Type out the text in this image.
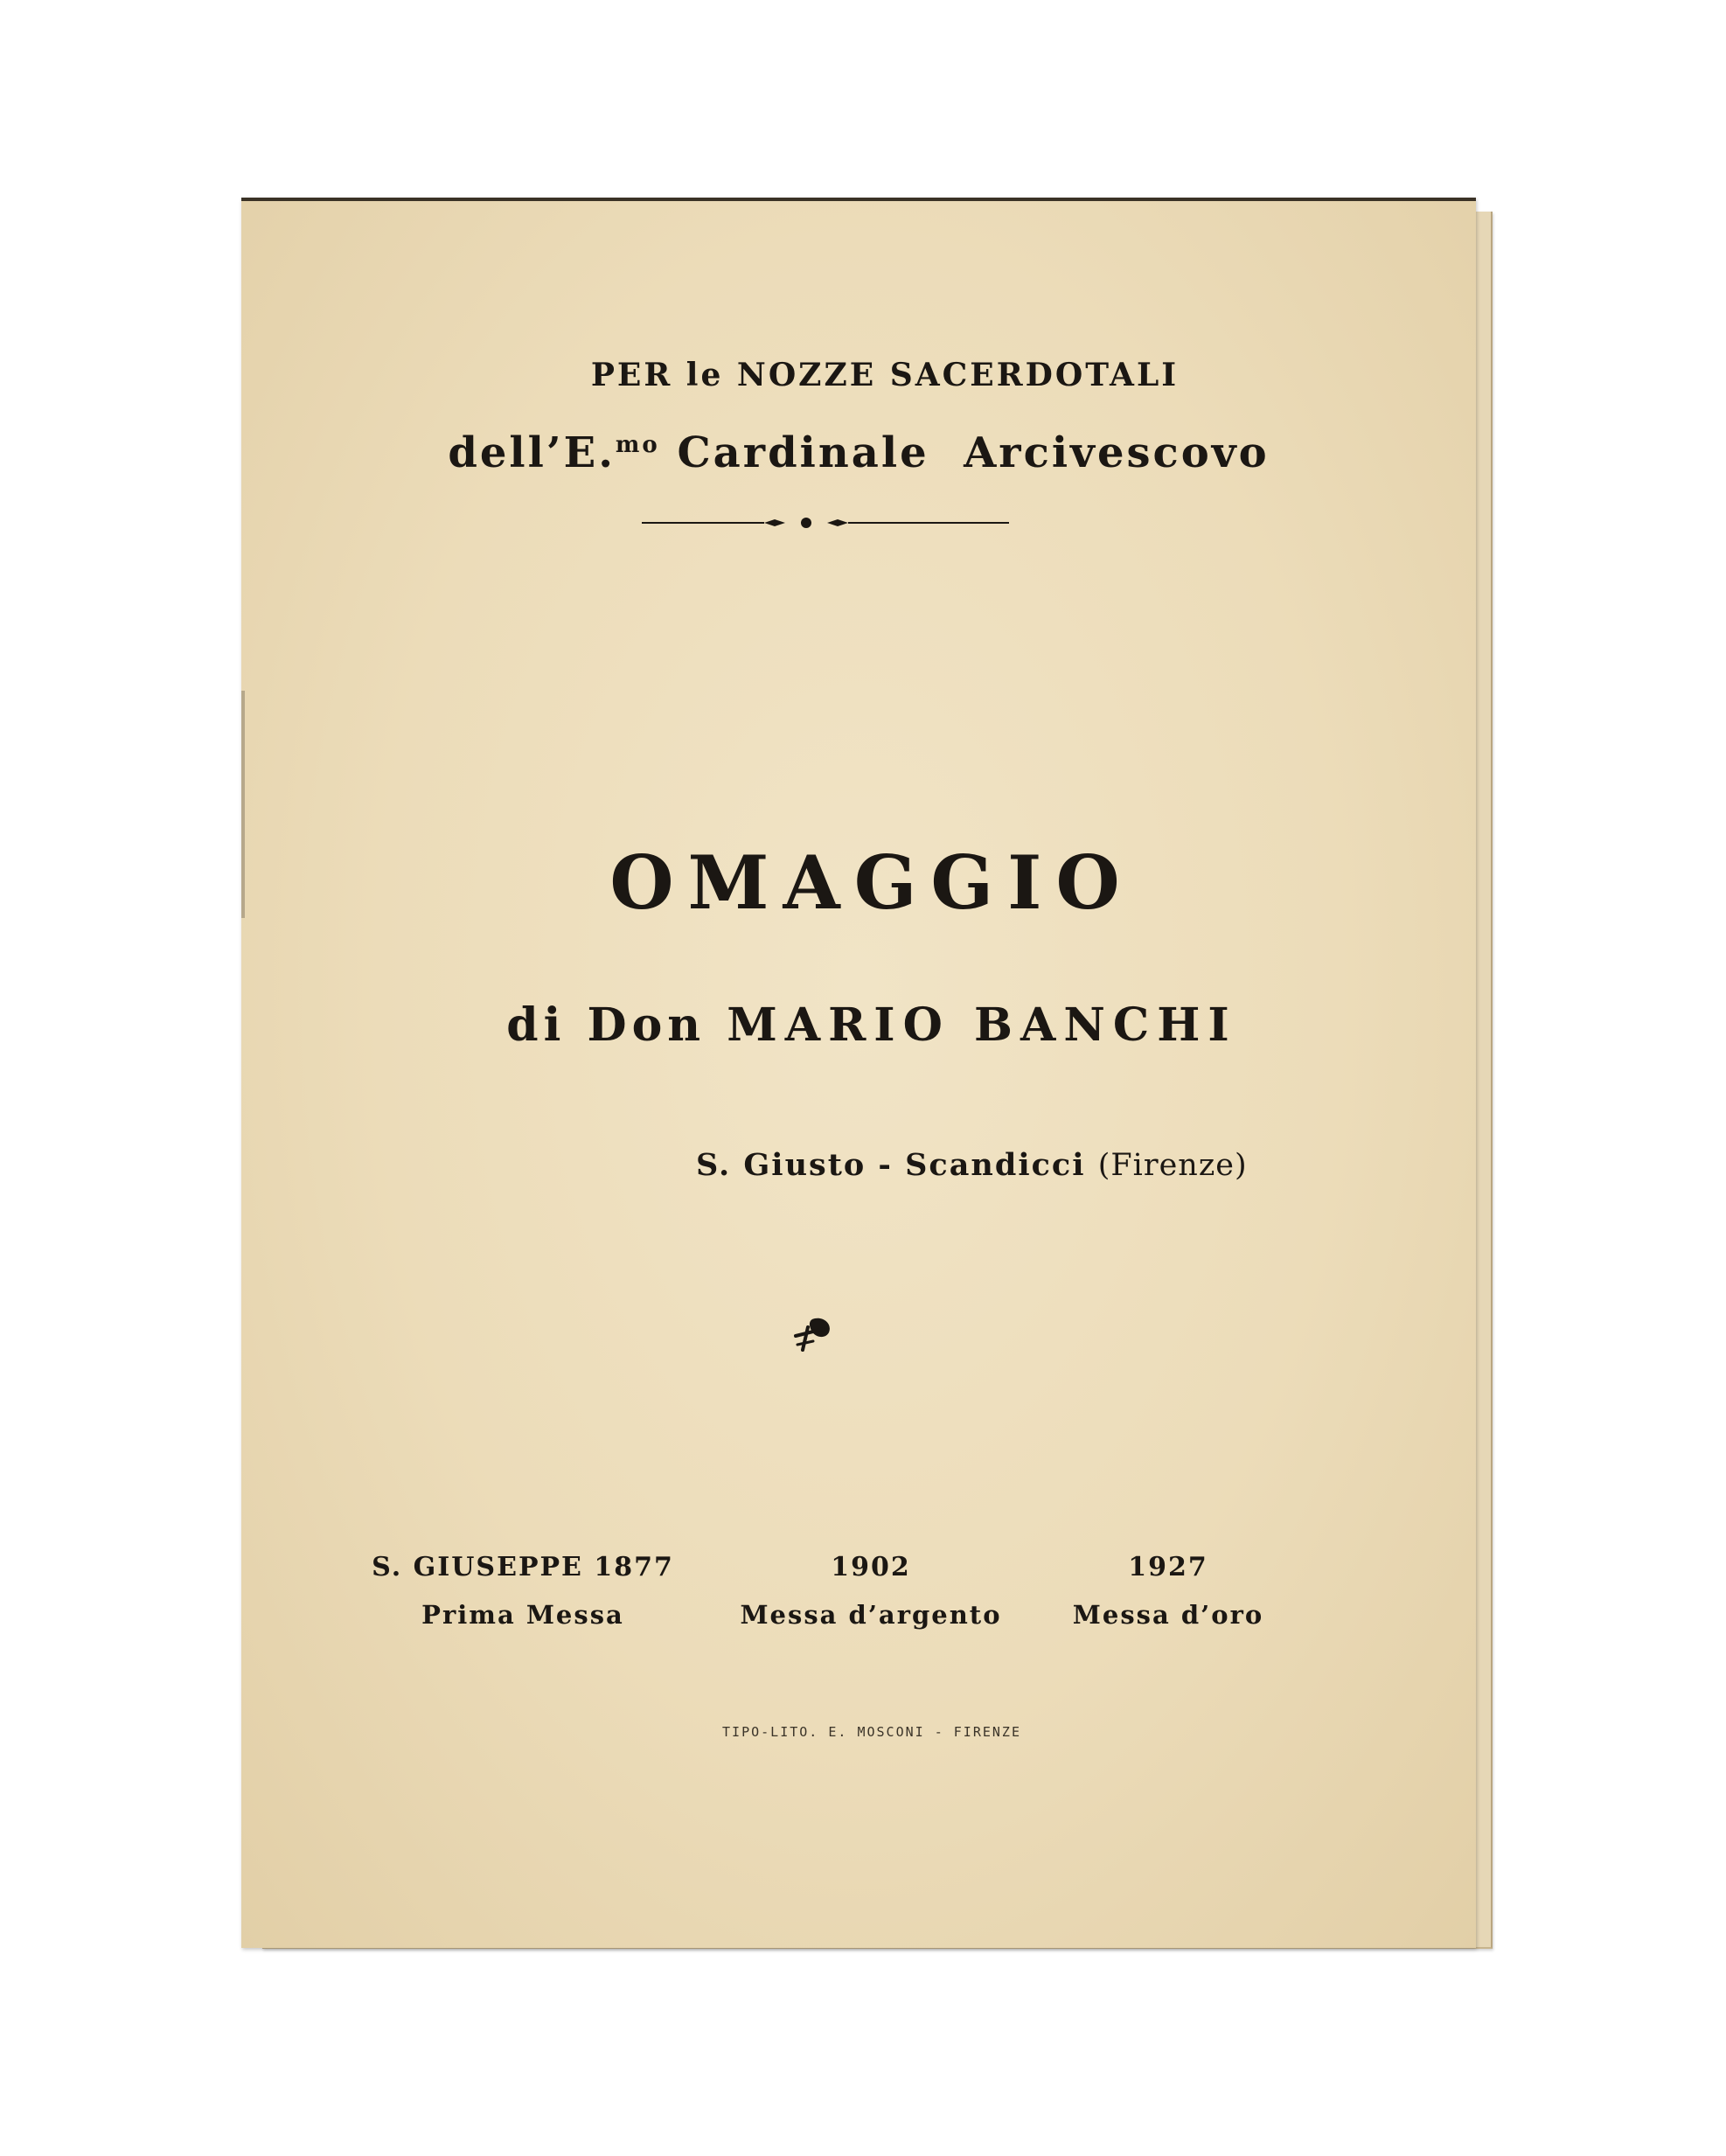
PER le NOZZE SACERDOTALI
dell’E.$^{mo}$ Cardinale  Arcivescovo
OMAGGIO
di Don MARIO BANCHI
S. Giusto - Scandicci (Firenze)
S. GIUSEPPE 1877
Prima Messa
1902
Messa d’argento
1927
Messa d’oro
TIPO-LITO. E. MOSCONI - FIRENZE
